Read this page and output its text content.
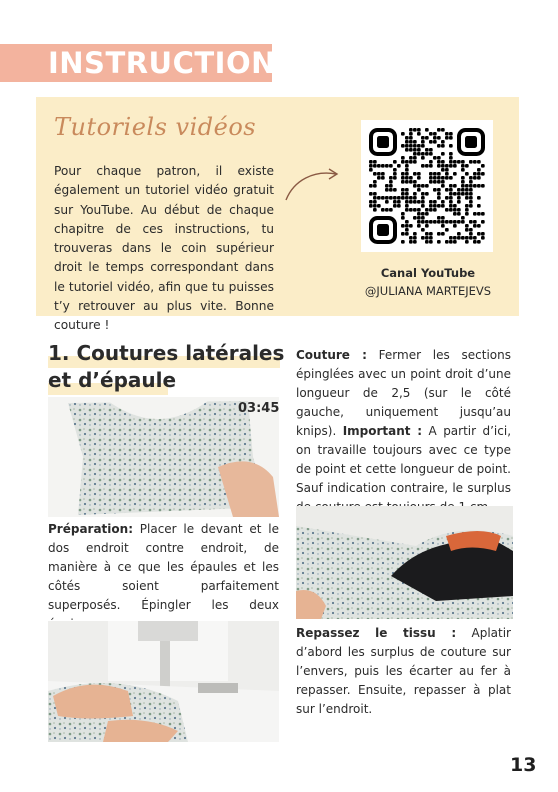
INSTRUCTIONS
Tutoriels vidéos
Pour chaque patron, il existe également un tutoriel vidéo gratuit sur YouTube. Au début de chaque chapitre de ces instructions, tu trouveras dans le coin supérieur droit le temps correspondant dans le tutoriel vidéo, afin que tu puisses t’y retrouver au plus vite. Bonne couture !
Canal YouTube
@JULIANA MARTEJEVS
1. Coutures latérales
et d’épaule
03:45
Préparation: Placer le devant et le dos endroit contre endroit, de manière à ce que les épaules et les côtés soient parfaitement superposés. Épingler les deux
Couture : Fermer les sections épinglées avec un point droit d’une longueur de 2,5 (sur le côté gauche, uniquement jusqu’au knips). Important : A partir d’ici, on travaille toujours avec ce type de point et cette longueur de point. Sauf indication contraire, le surplus
Repassez le tissu : Aplatir d’abord les surplus de couture sur l’envers, puis les écarter au fer à repasser. Ensuite, repasser à plat sur l’endroit.
13
